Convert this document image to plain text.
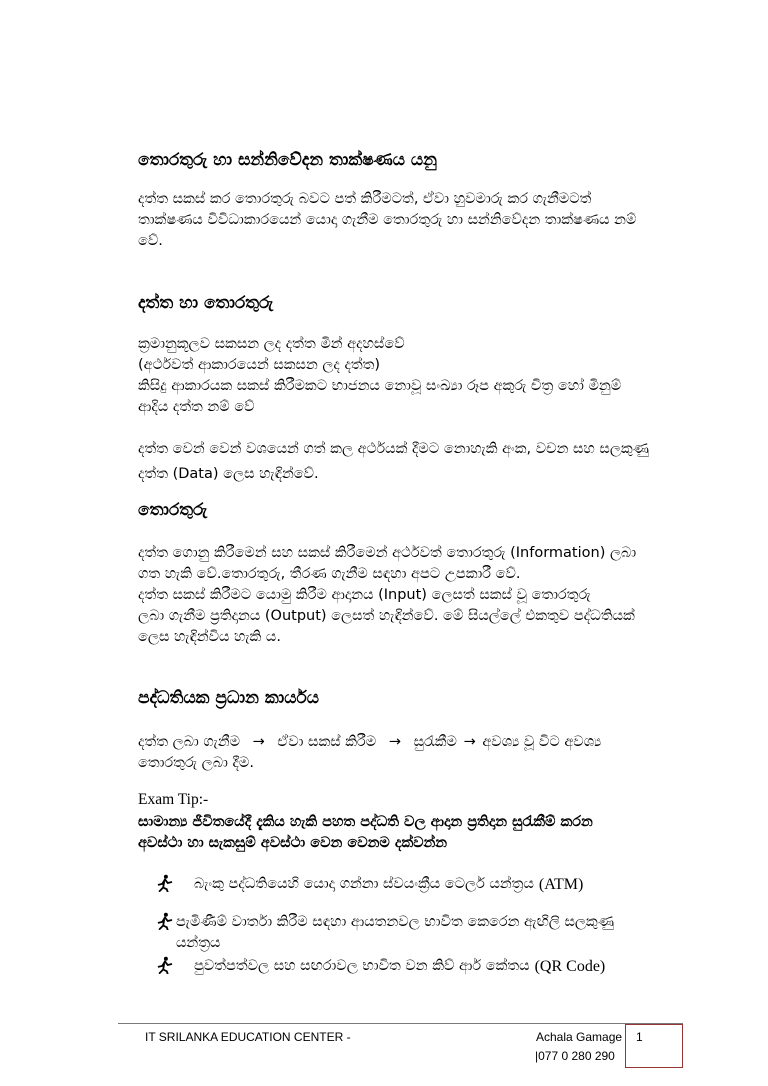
තොරතුරු හා සන්නිවේදන තාක්ෂණය යනු
දත්ත සකස් කර තොරතුරු බවට පත් කිරීමටත්, ඒවා හුවමාරු කර ගැනීමටත්
තාක්ෂණය විවිධාකාරයෙන් යොදා ගැනීම තොරතුරු හා සන්නිවේදන තාක්ෂණය නම්
වේ.
දත්ත හා තොරතුරු
ක්‍රමානුකූලව සකසන ලද දත්ත මින් අදහස්වේ
(අර්ථවත් ආකාරයෙන් සකසන ලද දත්ත)
කිසිදු ආකාරයක සකස් කිරීමකට භාජනය නොවූ සංඛ්‍යා රූප අකුරු චිත්‍ර හෝ මිනුම්
ආදිය දත්ත නම් වේ
දත්ත වෙන් වෙන් වශයෙන් ගත් කල අර්ථයක් දීමට නොහැකි අංක, වචන සහ සලකුණු
දත්ත (Data) ලෙස හැඳින්වේ.
තොරතුරු
දත්ත ගොනු කිරීමෙන් සහ සකස් කිරීමෙන් අර්ථවත් තොරතුරු (Information) ලබා
ගත හැකි වේ.තොරතුරු, තීරණ ගැනීම සඳහා අපට උපකාරී වේ.
දත්ත සකස් කිරීමට යොමු කිරීම ආදානය (Input) ලෙසත් සකස් වූ තොරතුරු
ලබා ගැනීම ප්‍රතිදානය (Output) ලෙසත් හැඳින්වේ. මේ සියල්ලේ එකතුව පද්ධතියක්
ලෙස හැඳින්විය හැකි ය.
පද්ධතියක ප්‍රධාන කාර්යය
දත්ත ලබා ගැනීම → ඒවා සකස් කිරීම → සුරැකීම → අවශ්‍ය වූ විට අවශ්‍ය
තොරතුරු ලබා දීම.
Exam Tip:-
සාමාන්‍ය ජීවිතයේදී දැකිය හැකි පහත පද්ධති වල ආදාන ප්‍රතිදාන සුරැකීම් කරන
අවස්ථා හා සැකසුම් අවස්ථා වෙන වෙනම දක්වන්න
බැංකු පද්ධතියෙහි යොදා ගන්නා ස්වයංක්‍රීය ටෙලර් යන්ත්‍රය (ATM)
පැමිණීම් වාර්තා කිරීම සඳහා ආයතනවල භාවිත කෙරෙන ඇඟිලි සලකුණු
යන්ත්‍රය
පුවත්පත්වල සහ සඟරාවල භාවිත වන කිව් ආර් කේතය (QR Code)
IT SRILANKA EDUCATION CENTER -	Achala Gamage
|077 0 280 290
1
